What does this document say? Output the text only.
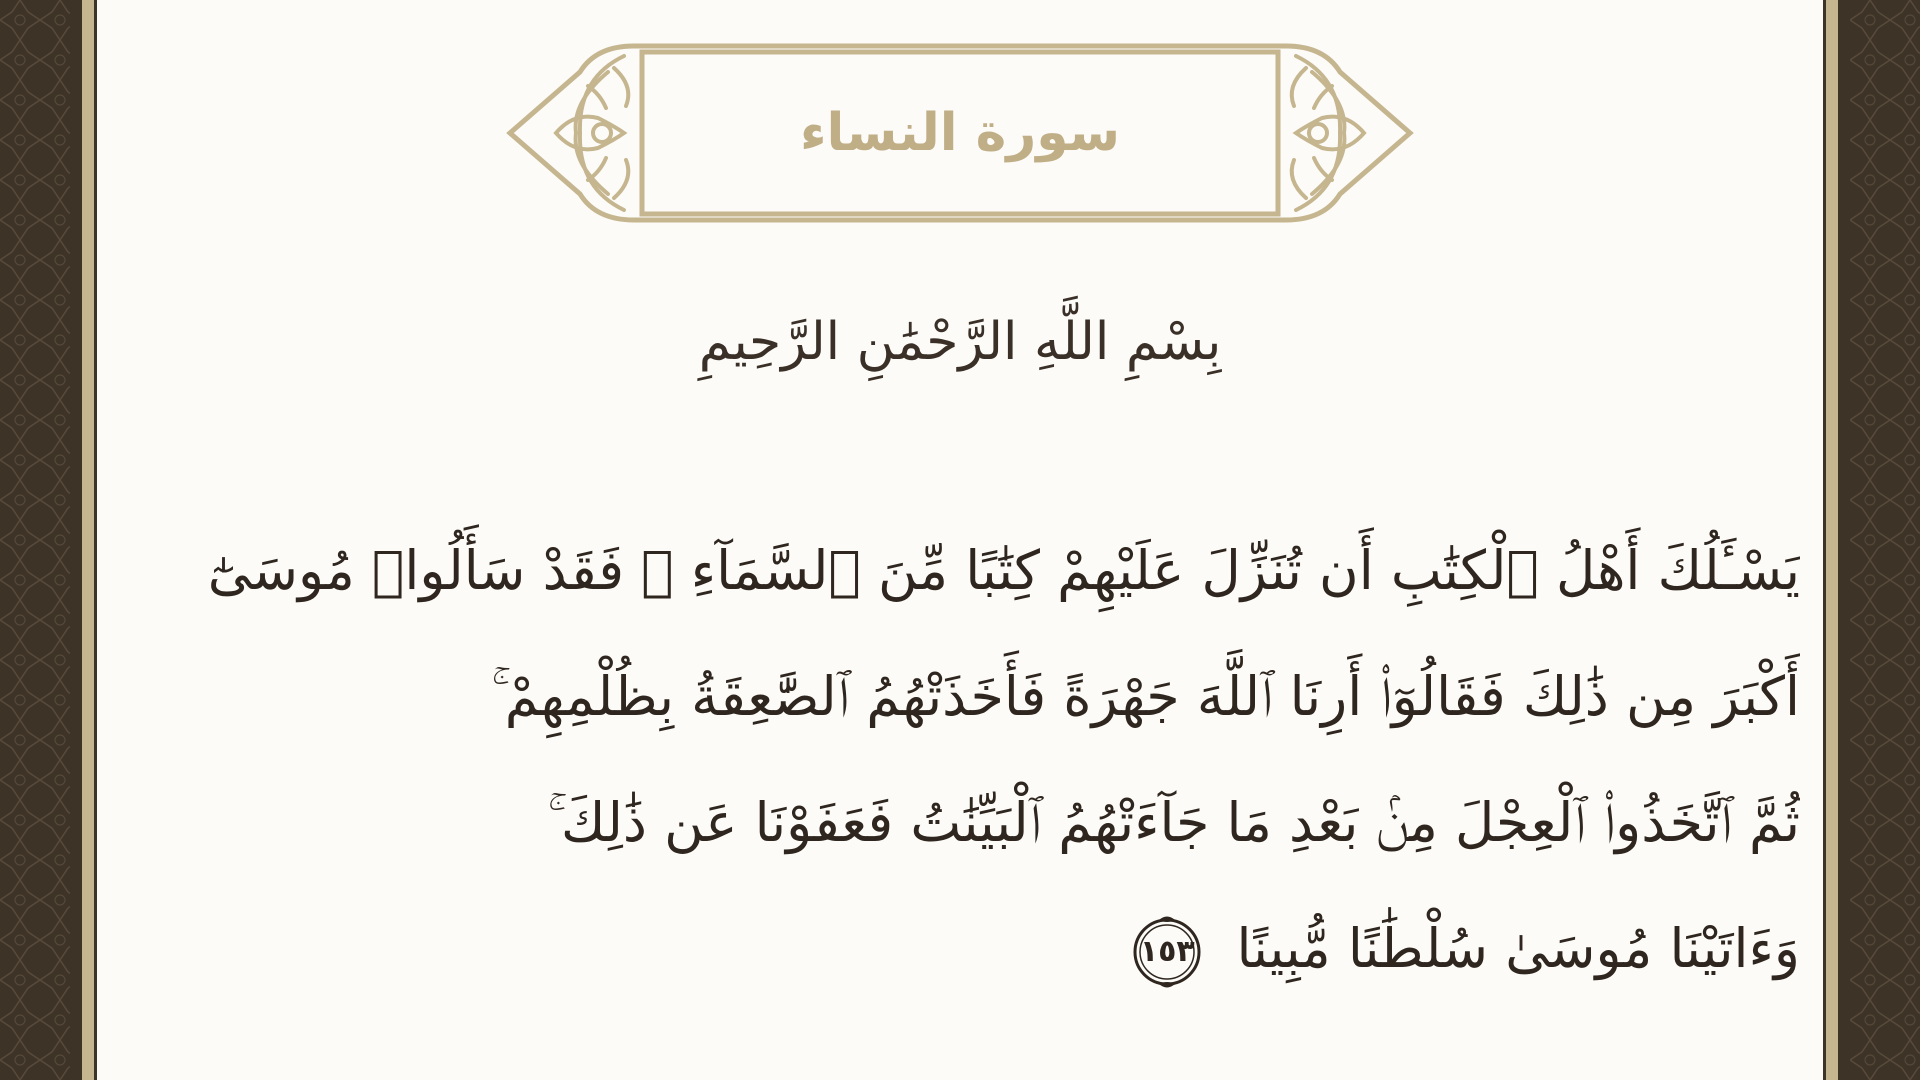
سورة النساء
بِسْمِ اللَّهِ الرَّحْمَٰنِ الرَّحِيمِ
يَسْـَٔلُكَ أَهْلُ ٱلْكِتَٰبِ أَن تُنَزِّلَ عَلَيْهِمْ كِتَٰبًا مِّنَ ٱلسَّمَآءِ ۚ فَقَدْ سَأَلُوا۟ مُوسَىٰٓ
أَكْبَرَ مِن ذَٰلِكَ فَقَالُوٓا۟ أَرِنَا ٱللَّهَ جَهْرَةً فَأَخَذَتْهُمُ ٱلصَّٰعِقَةُ بِظُلْمِهِمْ ۚ
ثُمَّ ٱتَّخَذُوا۟ ٱلْعِجْلَ مِنۢ بَعْدِ مَا جَآءَتْهُمُ ٱلْبَيِّنَٰتُ فَعَفَوْنَا عَن ذَٰلِكَ ۚ
وَءَاتَيْنَا مُوسَىٰ سُلْطَٰنًا مُّبِينًا
١٥٣
